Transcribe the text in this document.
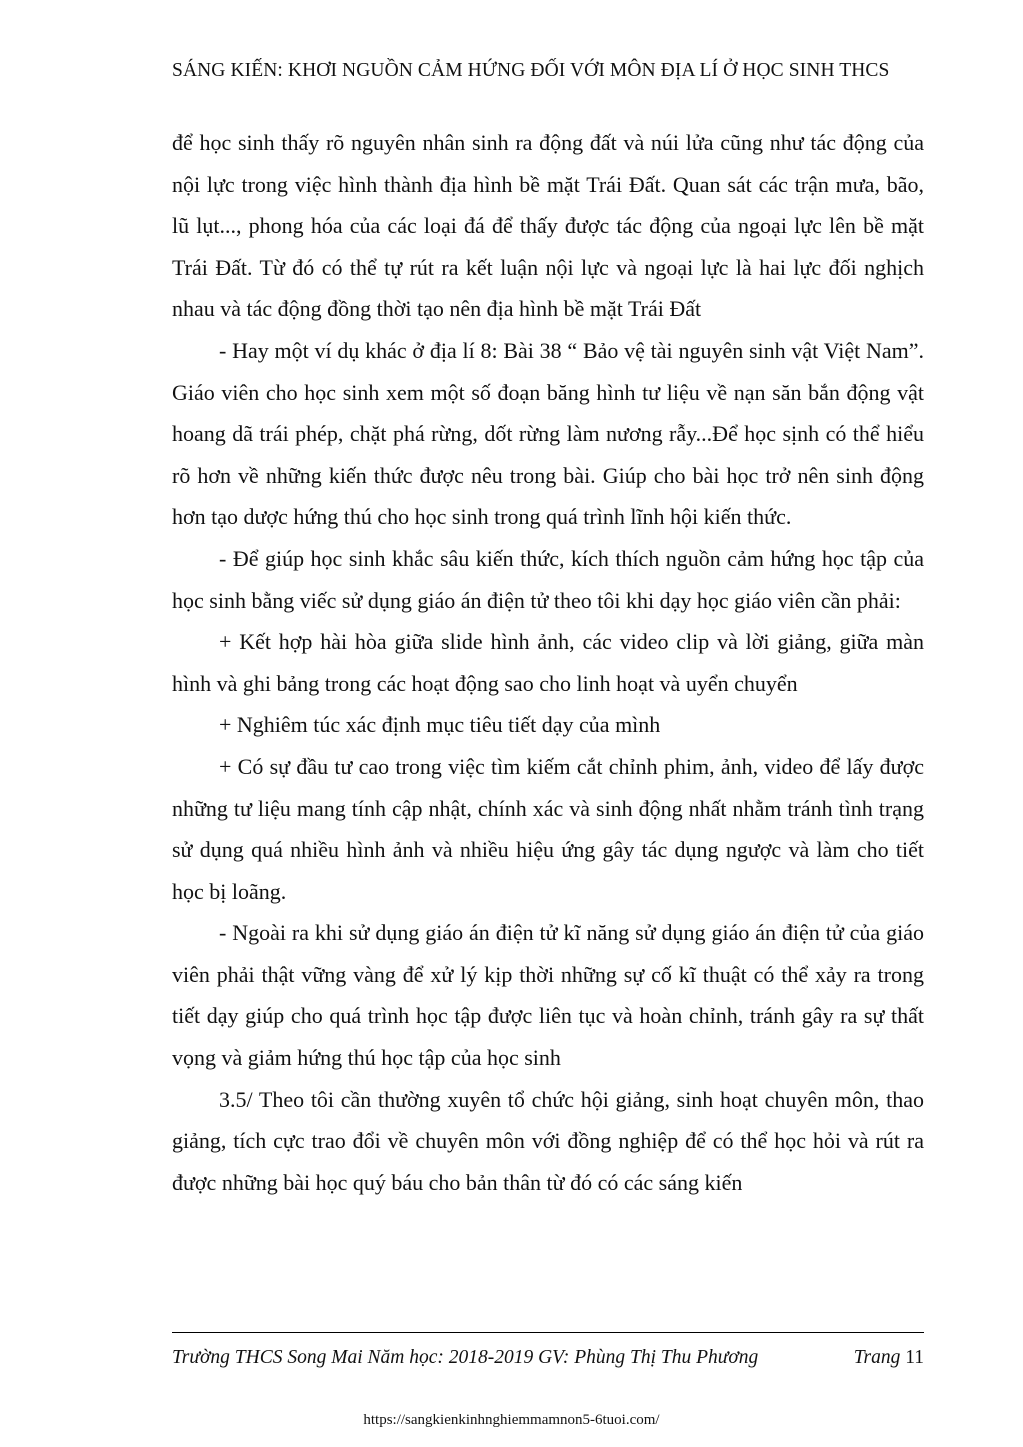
SÁNG KIẾN: KHƠI NGUỒN CẢM HỨNG ĐỐI VỚI MÔN ĐỊA LÍ Ở HỌC SINH THCS

để học sinh thấy rõ nguyên nhân sinh ra động đất và núi lửa cũng như tác động của nội lực trong việc hình thành địa hình bề mặt Trái Đất. Quan sát các trận mưa, bão, lũ lụt..., phong hóa của các loại đá để thấy được tác động của ngoại lực lên bề mặt Trái Đất. Từ đó có thể tự rút ra kết luận nội lực và ngoại lực là hai lực đối nghịch nhau và tác động đồng thời tạo nên địa hình bề mặt Trái Đất

- Hay một ví dụ khác ở địa lí 8: Bài 38 “ Bảo vệ tài nguyên sinh vật Việt Nam”. Giáo viên cho học sinh xem một số đoạn băng hình tư liệu về nạn săn bắn động vật hoang dã trái phép, chặt phá rừng, dốt rừng làm nương rẫy...Để học sịnh có thể hiểu rõ hơn về những kiến thức được nêu trong bài. Giúp cho bài học trở nên sinh động hơn tạo dược hứng thú cho học sinh trong quá trình lĩnh hội kiến thức.

- Để giúp học sinh khắc sâu kiến thức, kích thích nguồn cảm hứng học tập của học sinh bằng viếc sử dụng giáo án điện tử theo tôi khi dạy học giáo viên cần phải:

+ Kết hợp hài hòa giữa slide hình ảnh, các video clip và lời giảng, giữa màn hình và ghi bảng trong các hoạt động sao cho linh hoạt và uyển chuyển

+ Nghiêm túc xác định mục tiêu tiết dạy của mình

+ Có sự đầu tư cao trong việc tìm kiếm cắt chỉnh phim, ảnh, video để lấy được những tư liệu mang tính cập nhật, chính xác và sinh động nhất nhằm tránh tình trạng sử dụng quá nhiều hình ảnh và nhiều hiệu ứng gây tác dụng ngược và làm cho tiết học bị loãng.

- Ngoài ra khi sử dụng giáo án điện tử kĩ năng sử dụng giáo án điện tử của giáo viên phải thật vững vàng để xử lý kịp thời những sự cố kĩ thuật có thể xảy ra trong tiết dạy giúp cho quá trình học tập được liên tục và hoàn chỉnh, tránh gây ra sự thất vọng và giảm hứng thú học tập của học sinh

3.5/ Theo tôi cần thường xuyên tổ chức hội giảng, sinh hoạt chuyên môn, thao giảng, tích cực trao đổi về chuyên môn với đồng nghiệp để có thể học hỏi và rút ra được những bài học quý báu cho bản thân từ đó có các sáng kiến

Trường THCS Song Mai Năm học: 2018-2019 GV: Phùng Thị Thu Phương	Trang 11
https://sangkienkinhnghiemmamnon5-6tuoi.com/
